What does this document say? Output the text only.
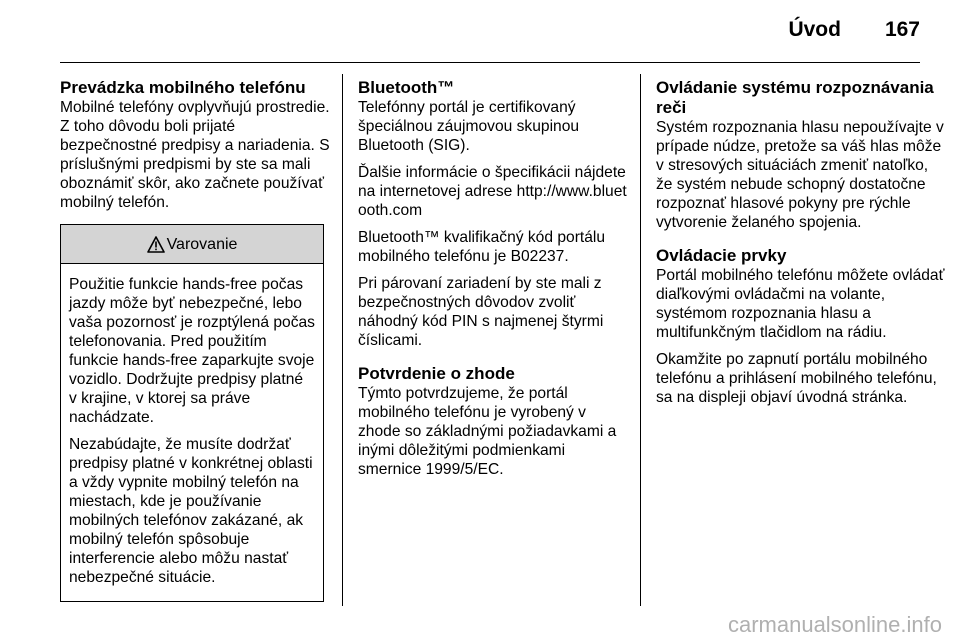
Úvod 167
Prevádzka mobilného telefónu

Mobilné telefóny ovplyvňujú prostredie. Z toho dôvodu boli prijaté bezpečnostné predpisy a nariadenia. S príslušnými predpismi by ste sa mali oboznámiť skôr, ako začnete používať mobilný telefón.

Varovanie

Použitie funkcie hands-free počas jazdy môže byť nebezpečné, lebo vaša pozornosť je rozptýlená počas telefonovania. Pred použitím funkcie hands-free zaparkujte svoje vozidlo. Dodržujte predpisy platné v krajine, v ktorej sa práve nachádzate.

Nezabúdajte, že musíte dodržať predpisy platné v konkrétnej oblasti a vždy vypnite mobilný telefón na miestach, kde je používanie mobilných telefónov zakázané, ak mobilný telefón spôsobuje interferencie alebo môžu nastať nebezpečné situácie.

Bluetooth™

Telefónny portál je certifikovaný špeciálnou záujmovou skupinou Bluetooth (SIG).

Ďalšie informácie o špecifikácii nájdete na internetovej adrese http://www.bluetooth.com

Bluetooth™ kvalifikačný kód portálu mobilného telefónu je B02237.

Pri párovaní zariadení by ste mali z bezpečnostných dôvodov zvoliť náhodný kód PIN s najmenej štyrmi číslicami.

Potvrdenie o zhode

Týmto potvrdzujeme, že portál mobilného telefónu je vyrobený v zhode so základnými požiadavkami a inými dôležitými podmienkami smernice 1999/5/EC.

Ovládanie systému rozpoznávania reči

Systém rozpoznania hlasu nepoužívajte v prípade núdze, pretože sa váš hlas môže v stresových situáciách zmeniť natoľko, že systém nebude schopný dostatočne rozpoznať hlasové pokyny pre rýchle vytvorenie želaného spojenia.

Ovládacie prvky

Portál mobilného telefónu môžete ovládať diaľkovými ovládačmi na volante, systémom rozpoznania hlasu a multifunkčným tlačidlom na rádiu.

Okamžite po zapnutí portálu mobilného telefónu a prihlásení mobilného telefónu, sa na displeji objaví úvodná stránka.

carmanualsonline.info
